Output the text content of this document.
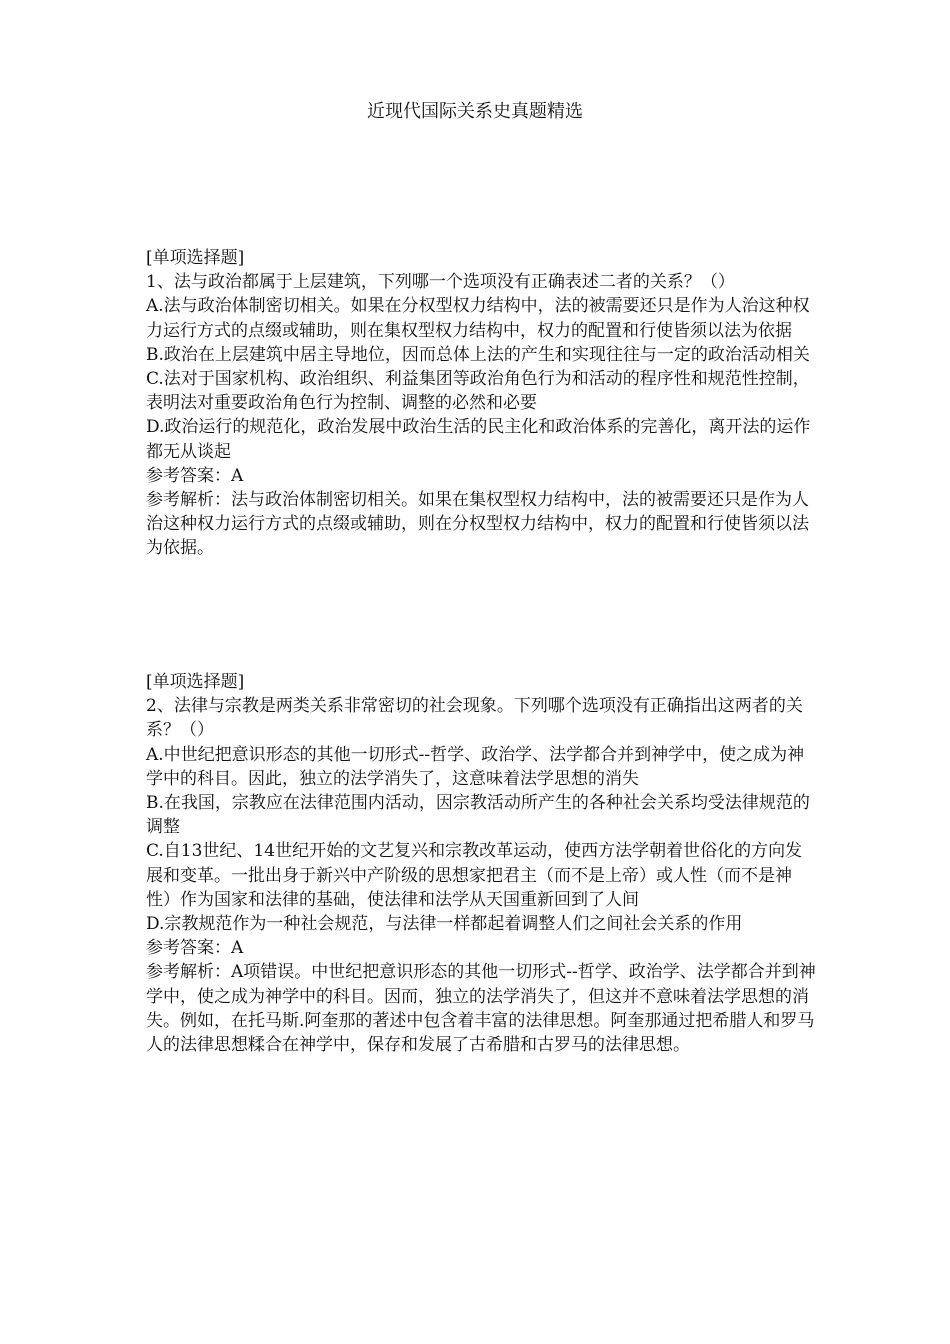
近现代国际关系史真题精选

[单项选择题]

1、法与政治都属于上层建筑，下列哪一个选项没有正确表述二者的关系？（）

A.法与政治体制密切相关。如果在分权型权力结构中，法的被需要还只是作为人治这种权力运行方式的点缀或辅助，则在集权型权力结构中，权力的配置和行使皆须以法为依据

B.政治在上层建筑中居主导地位，因而总体上法的产生和实现往往与一定的政治活动相关

C.法对于国家机构、政治组织、利益集团等政治角色行为和活动的程序性和规范性控制，表明法对重要政治角色行为控制、调整的必然和必要

D.政治运行的规范化，政治发展中政治生活的民主化和政治体系的完善化，离开法的运作都无从谈起

参考答案：A

参考解析：法与政治体制密切相关。如果在集权型权力结构中，法的被需要还只是作为人治这种权力运行方式的点缀或辅助，则在分权型权力结构中，权力的配置和行使皆须以法为依据。

[单项选择题]

2、法律与宗教是两类关系非常密切的社会现象。下列哪个选项没有正确指出这两者的关系？（）

A.中世纪把意识形态的其他一切形式--哲学、政治学、法学都合并到神学中，使之成为神学中的科目。因此，独立的法学消失了，这意味着法学思想的消失

B.在我国，宗教应在法律范围内活动，因宗教活动所产生的各种社会关系均受法律规范的调整

C.自13世纪、14世纪开始的文艺复兴和宗教改革运动，使西方法学朝着世俗化的方向发展和变革。一批出身于新兴中产阶级的思想家把君主（而不是上帝）或人性（而不是神性）作为国家和法律的基础，使法律和法学从天国重新回到了人间

D.宗教规范作为一种社会规范，与法律一样都起着调整人们之间社会关系的作用

参考答案：A

参考解析：A项错误。中世纪把意识形态的其他一切形式--哲学、政治学、法学都合并到神学中，使之成为神学中的科目。因而，独立的法学消失了，但这并不意味着法学思想的消失。例如，在托马斯.阿奎那的著述中包含着丰富的法律思想。阿奎那通过把希腊人和罗马人的法律思想糅合在神学中，保存和发展了古希腊和古罗马的法律思想。
